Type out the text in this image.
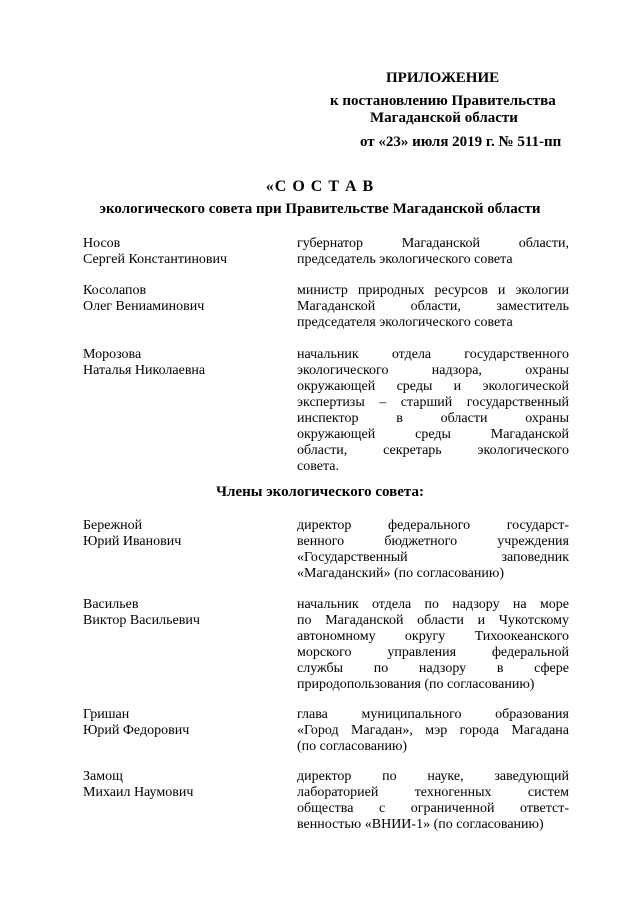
ПРИЛОЖЕНИЕ
к постановлению Правительства
Магаданской области
от «23» июля 2019 г. № 511-пп
«С О С Т А В
экологического совета при Правительстве Магаданской области
Носов
Сергей Константинович
губернатор Магаданской области,
председатель экологического совета
Косолапов
Олег Вениаминович
министр природных ресурсов и экологии
Магаданской области, заместитель
председателя экологического совета
Морозова
Наталья Николаевна
начальник отдела государственного
экологического надзора, охраны
окружающей среды и экологической
экспертизы – старший государственный
инспектор в области охраны
окружающей среды Магаданской
области, секретарь экологического
совета.
Члены экологического совета:
Бережной
Юрий Иванович
директор федерального государст-
венного бюджетного учреждения
«Государственный заповедник
«Магаданский» (по согласованию)
Васильев
Виктор Васильевич
начальник отдела по надзору на море
по Магаданской области и Чукотскому
автономному округу Тихоокеанского
морского управления федеральной
службы по надзору в сфере
природопользования (по согласованию)
Гришан
Юрий Федорович
глава муниципального образования
«Город Магадан», мэр города Магадана
(по согласованию)
Замощ
Михаил Наумович
директор по науке, заведующий
лабораторией техногенных систем
общества с ограниченной ответст-
венностью «ВНИИ-1» (по согласованию)
